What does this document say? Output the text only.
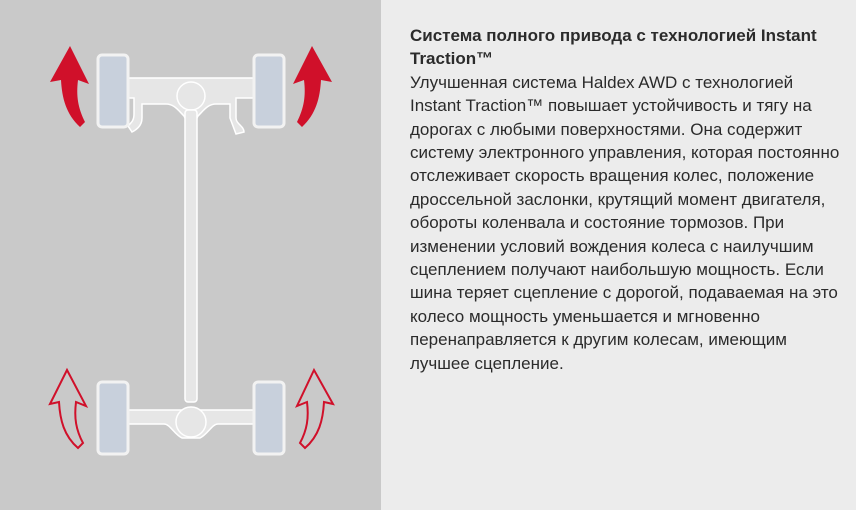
Система полного привода с технологией Instant Traction™
Улучшенная система Haldex AWD с технологией Instant Traction™ повышает устойчивость и тягу на дорогах с любыми поверхностями. Она содержит систему электронного управления, которая постоянно отслеживает скорость вращения колес, положение дроссельной заслонки, крутящий момент двигателя, обороты коленвала и состояние тормозов. При изменении условий вождения колеса с наилучшим сцеплением получают наибольшую мощность. Если шина теряет сцепление с дорогой, подаваемая на это колесо мощность уменьшается и мгновенно перенаправляется к другим колесам, имеющим лучшее сцепление.
